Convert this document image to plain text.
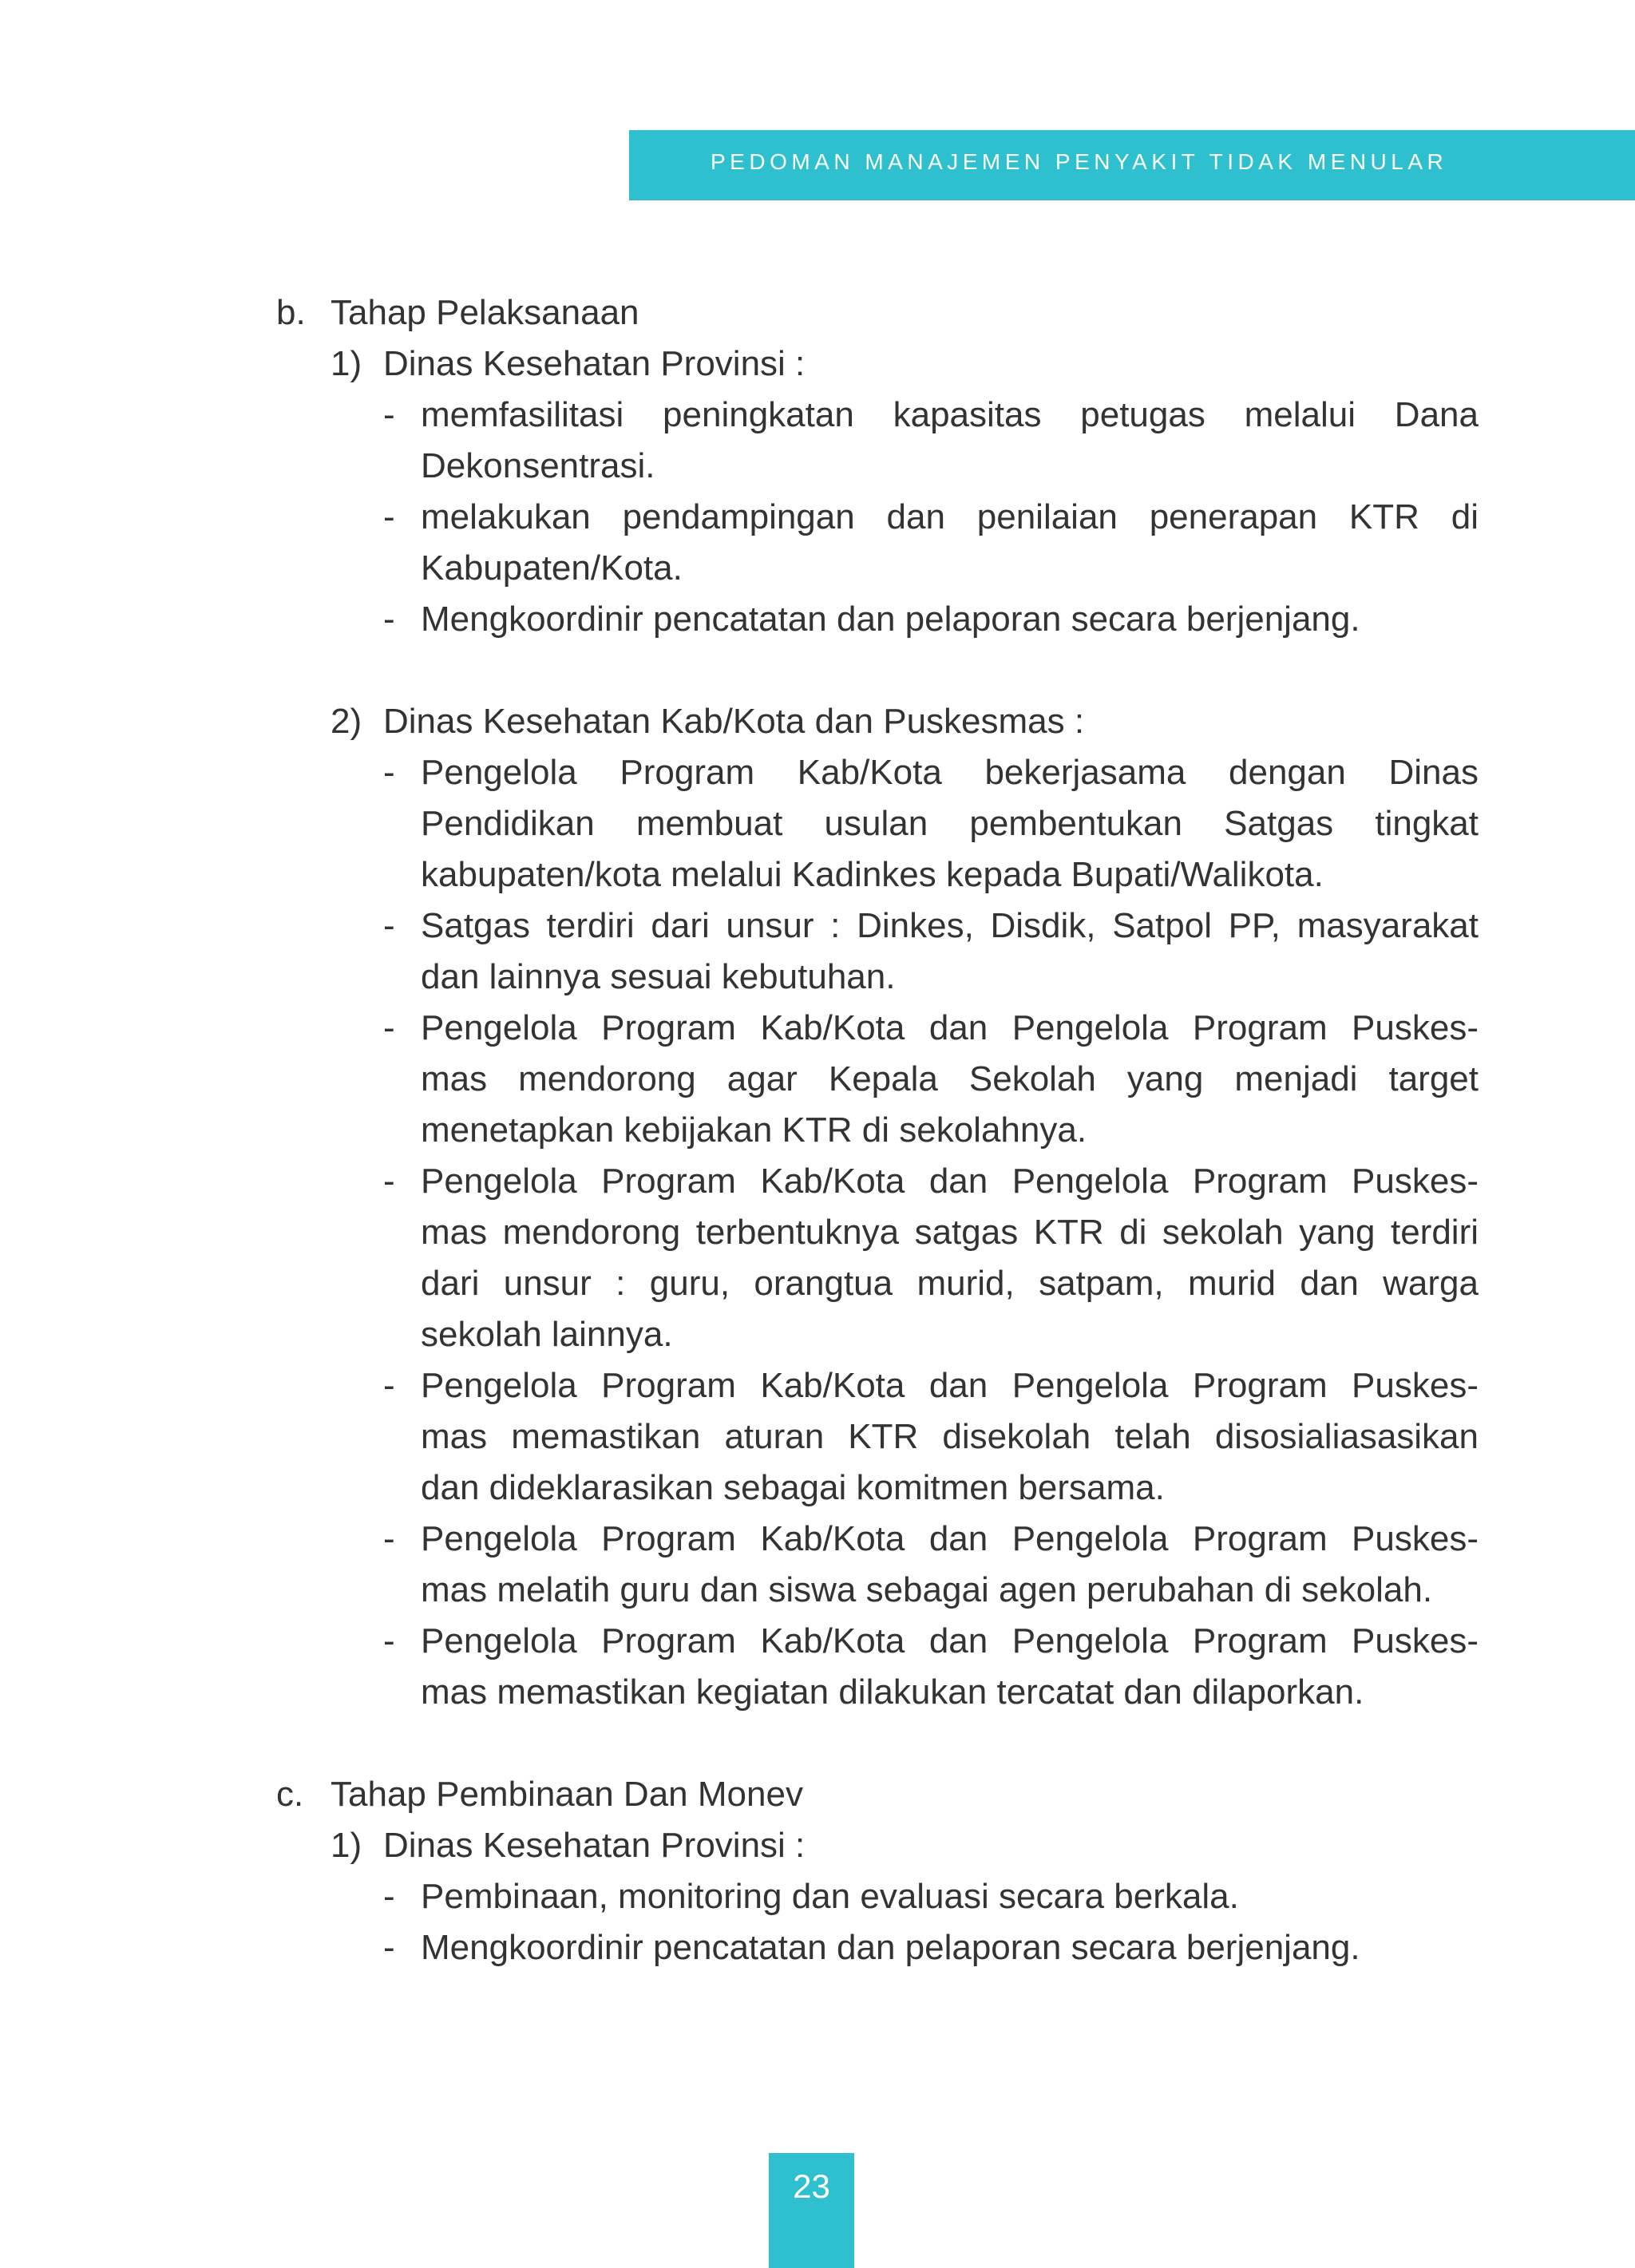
PEDOMAN MANAJEMEN PENYAKIT TIDAK MENULAR
b. Tahap Pelaksanaan
1) Dinas Kesehatan Provinsi :
- memfasilitasi peningkatan kapasitas petugas melalui Dana
Dekonsentrasi.
- melakukan pendampingan dan penilaian penerapan KTR di
Kabupaten/Kota.
- Mengkoordinir pencatatan dan pelaporan secara berjenjang.
2) Dinas Kesehatan Kab/Kota dan Puskesmas :
- Pengelola Program Kab/Kota bekerjasama dengan Dinas
Pendidikan membuat usulan pembentukan Satgas tingkat
kabupaten/kota melalui Kadinkes kepada Bupati/Walikota.
- Satgas terdiri dari unsur : Dinkes, Disdik, Satpol PP, masyarakat
dan lainnya sesuai kebutuhan.
- Pengelola Program Kab/Kota dan Pengelola Program Puskes-
mas mendorong agar Kepala Sekolah yang menjadi target
menetapkan kebijakan KTR di sekolahnya.
- Pengelola Program Kab/Kota dan Pengelola Program Puskes-
mas mendorong terbentuknya satgas KTR di sekolah yang terdiri
dari unsur : guru, orangtua murid, satpam, murid dan warga
sekolah lainnya.
- Pengelola Program Kab/Kota dan Pengelola Program Puskes-
mas memastikan aturan KTR disekolah telah disosialiasasikan
dan dideklarasikan sebagai komitmen bersama.
- Pengelola Program Kab/Kota dan Pengelola Program Puskes-
mas melatih guru dan siswa sebagai agen perubahan di sekolah.
- Pengelola Program Kab/Kota dan Pengelola Program Puskes-
mas memastikan kegiatan dilakukan tercatat dan dilaporkan.
c. Tahap Pembinaan Dan Monev
1) Dinas Kesehatan Provinsi :
- Pembinaan, monitoring dan evaluasi secara berkala.
- Mengkoordinir pencatatan dan pelaporan secara berjenjang.
23
